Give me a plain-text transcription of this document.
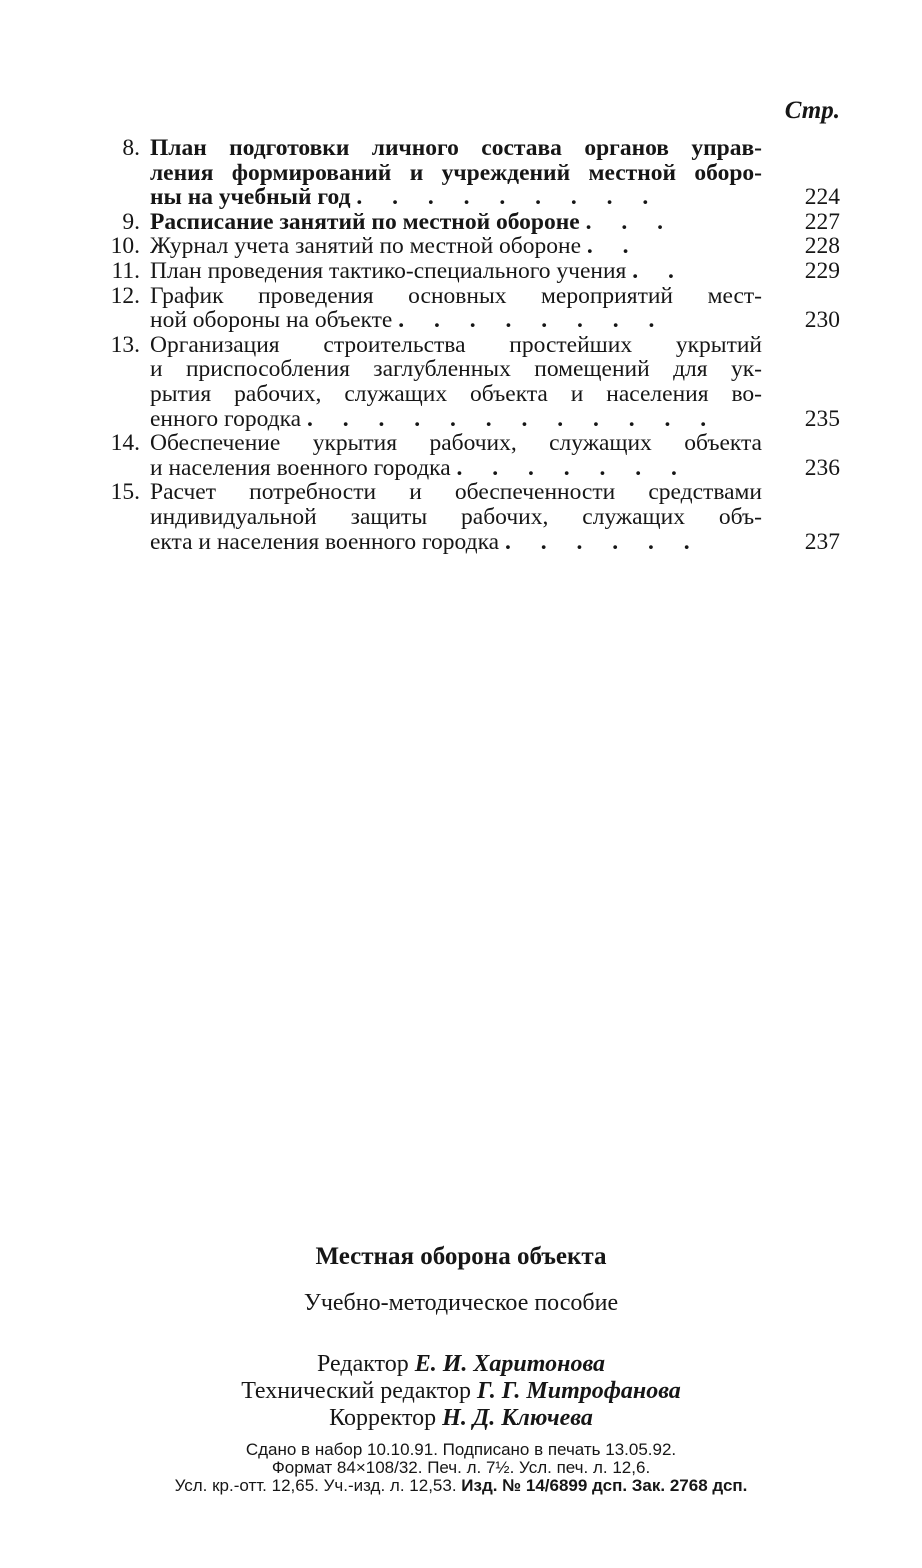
Стр.
8. План подготовки личного состава органов управ-
ления формирований и учреждений местной оборо-
ны на учебный год . . . . . . . . .	224
9. Расписание занятий по местной обороне . . .	227
10. Журнал учета занятий по местной обороне . .	228
11. План проведения тактико-специального учения . .	229
12. График проведения основных мероприятий мест-
ной обороны на объекте . . . . . . . .	230
13. Организация строительства простейших укрытий
и приспособления заглубленных помещений для ук-
рытия рабочих, служащих объекта и населения во-
енного городка . . . . . . . . . . . .	235
14. Обеспечение укрытия рабочих, служащих объекта
и населения военного городка . . . . . . .	236
15. Расчет потребности и обеспеченности средствами
индивидуальной защиты рабочих, служащих объ-
екта и населения военного городка . . . . . .	237
Местная оборона объекта
Учебно-методическое пособие
Редактор Е. И. Харитонова
Технический редактор Г. Г. Митрофанова
Корректор Н. Д. Ключева
Сдано в набор 10.10.91. Подписано в печать 13.05.92.
Формат 84×108/32. Печ. л. 7½. Усл. печ. л. 12,6.
Усл. кр.-отт. 12,65. Уч.-изд. л. 12,53. Изд. № 14/6899 дсп. Зак. 2768 дсп.
